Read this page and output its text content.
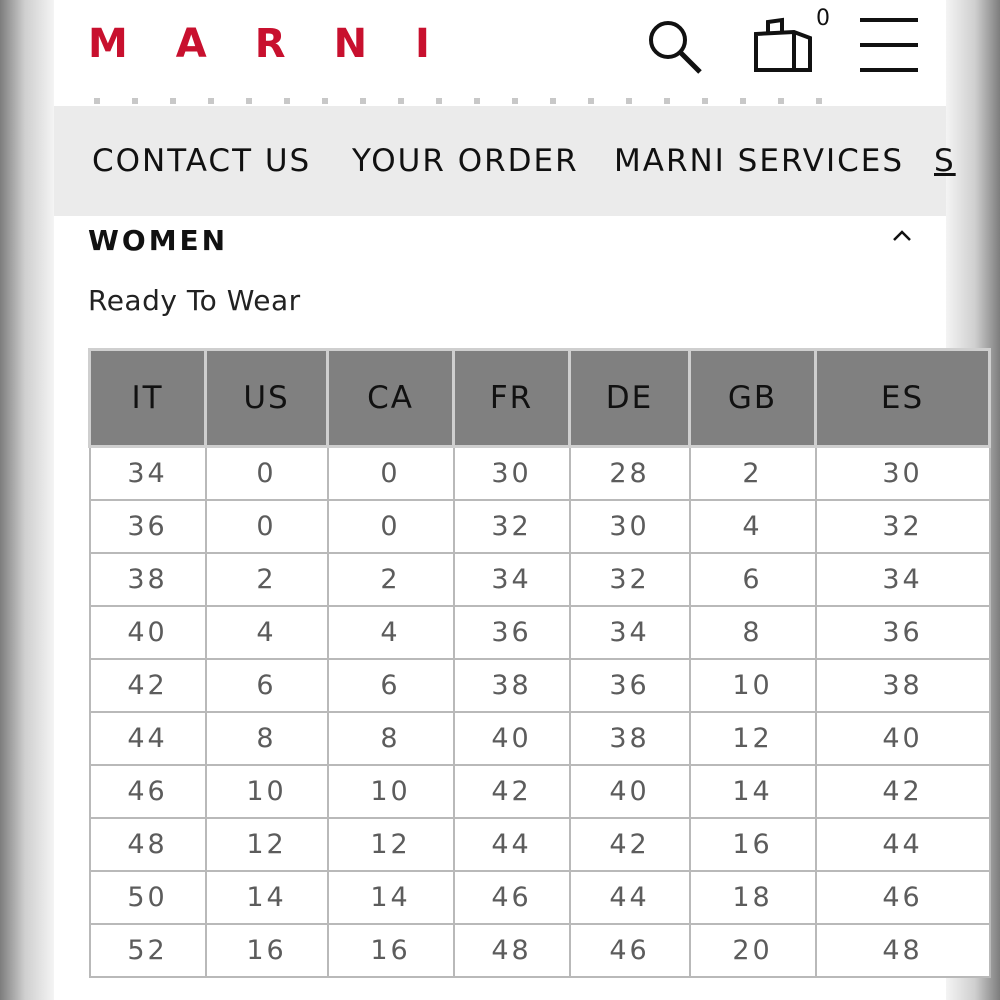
MARNI
0
CONTACT US YOUR ORDER MARNI SERVICES S
WOMEN
Ready To Wear
IT	US	CA	FR	DE	GB	ES
34	0	0	30	28	2	30
36	0	0	32	30	4	32
38	2	2	34	32	6	34
40	4	4	36	34	8	36
42	6	6	38	36	10	38
44	8	8	40	38	12	40
46	10	10	42	40	14	42
48	12	12	44	42	16	44
50	14	14	46	44	18	46
52	16	16	48	46	20	48
